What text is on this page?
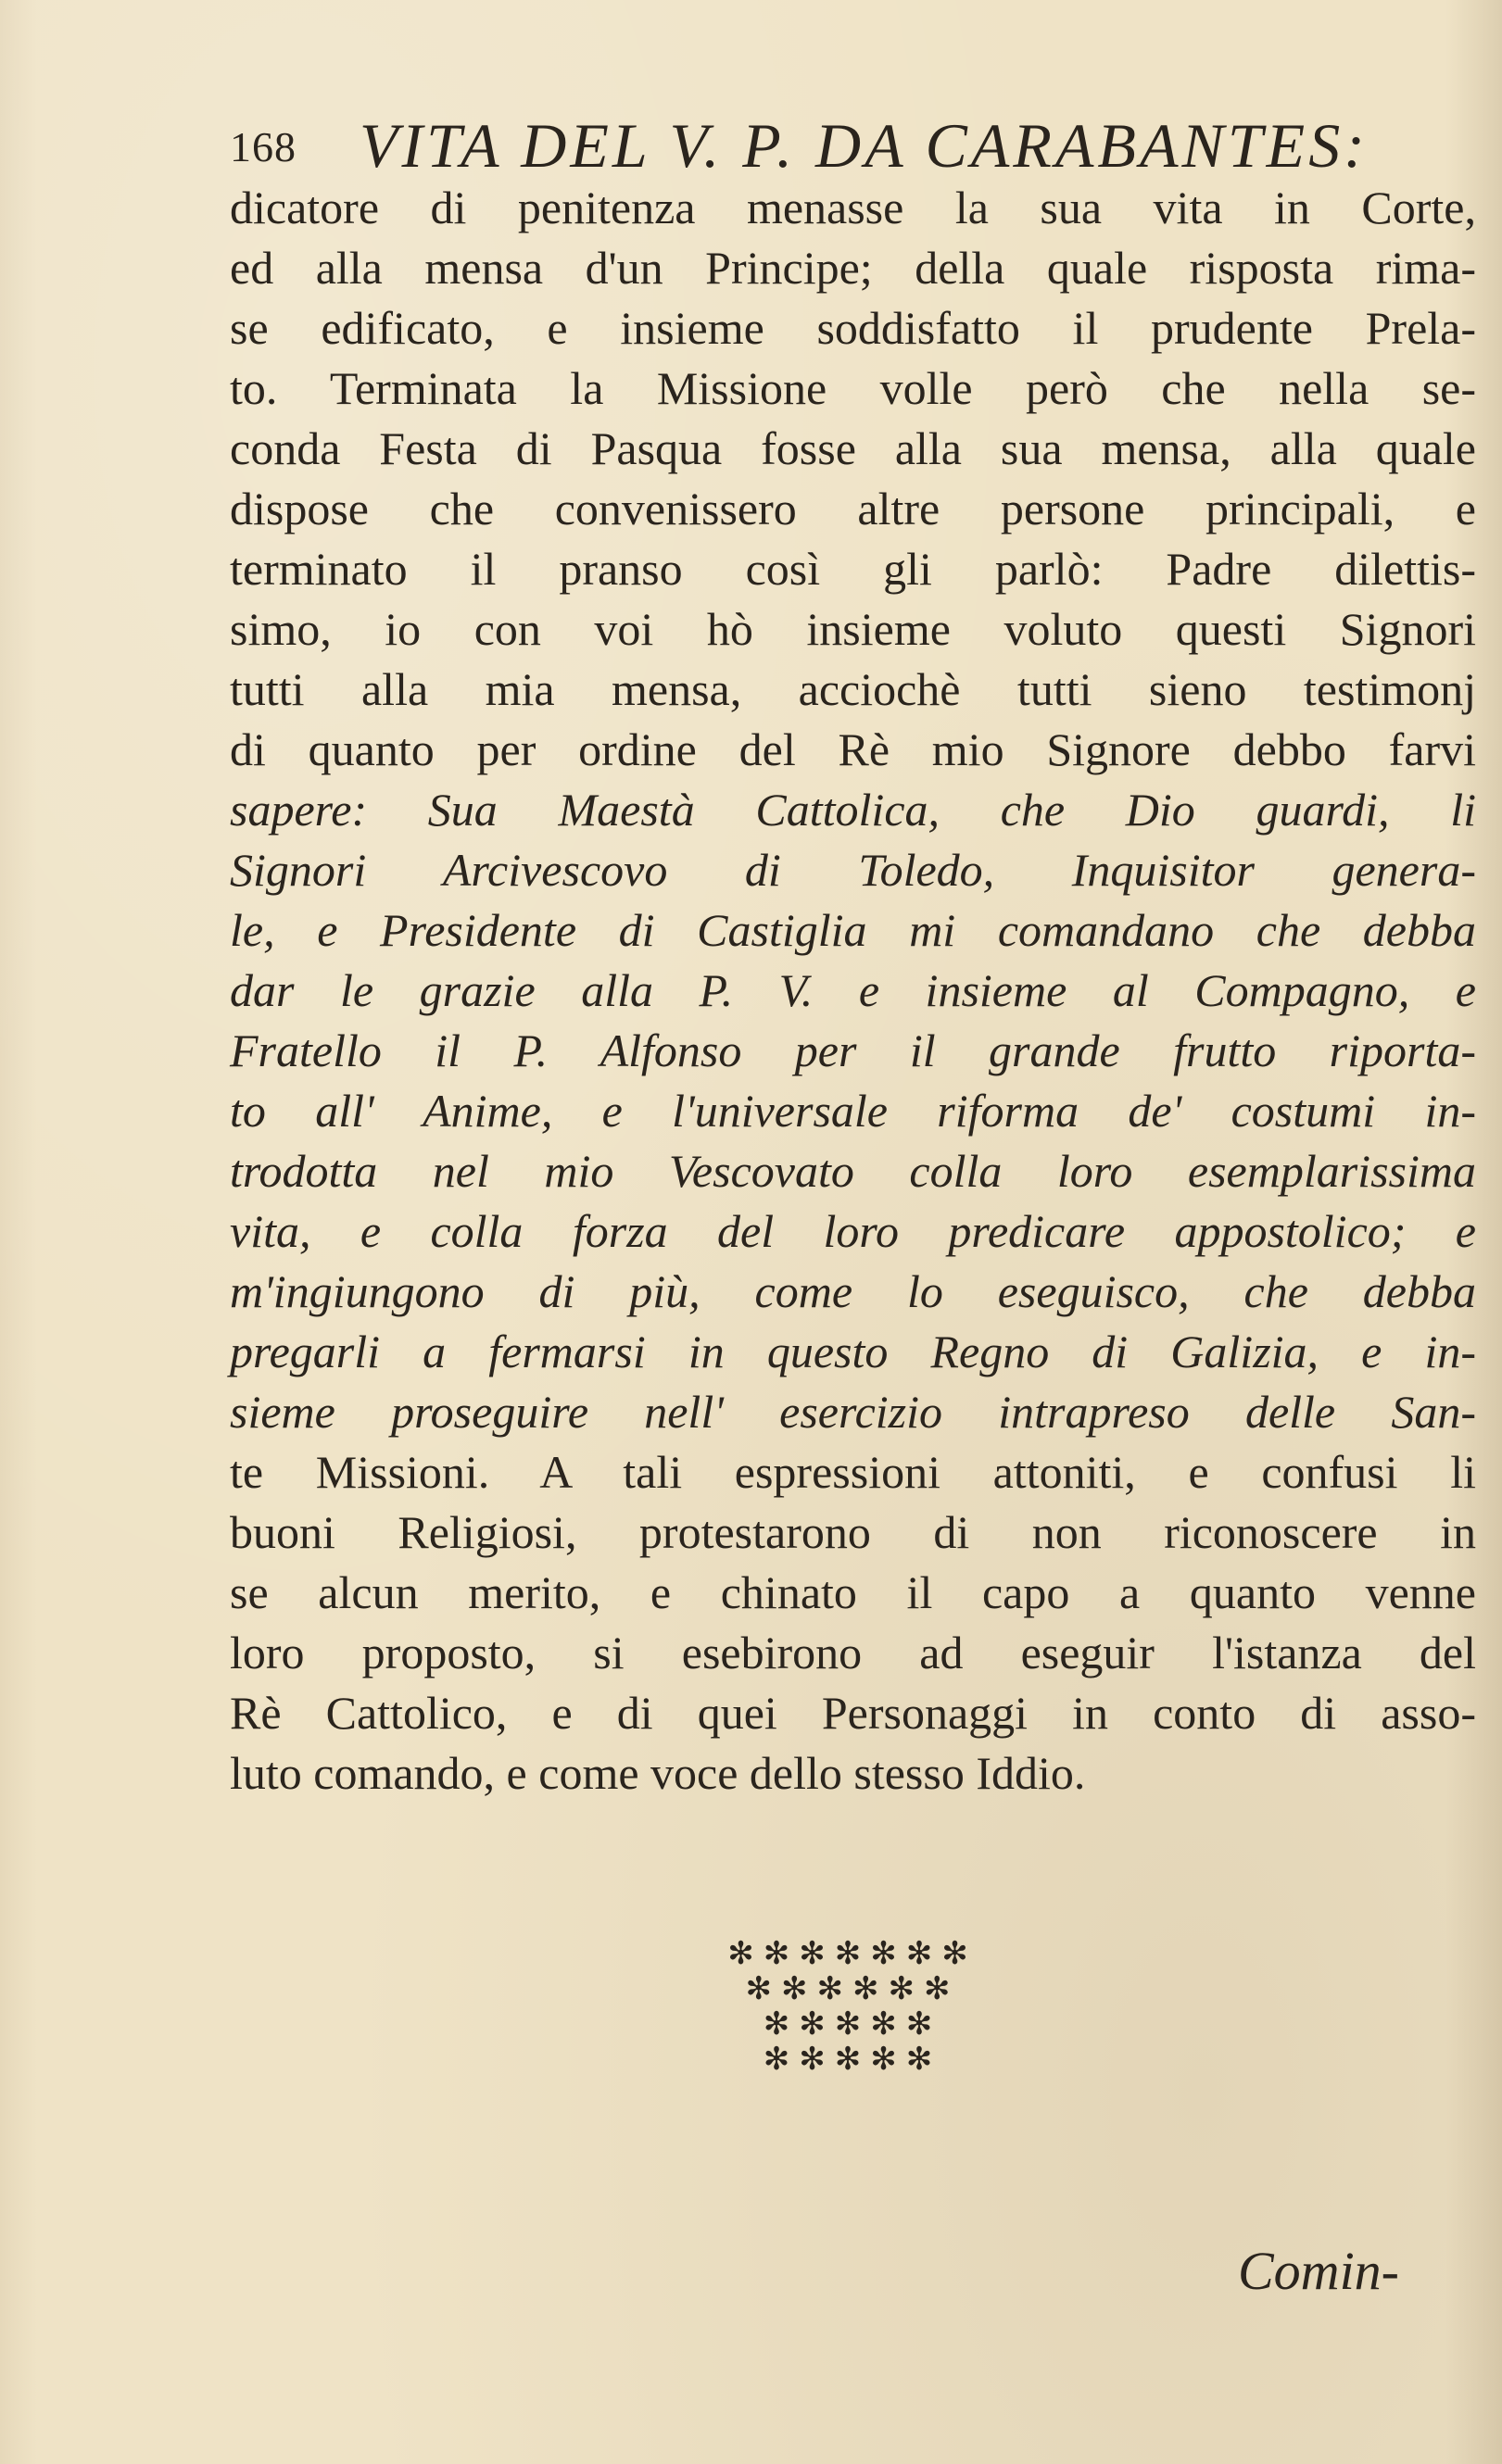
168 VITA DEL V. P. DA CARABANTES:
dicatore di penitenza menasse la sua vita in Corte,
ed alla mensa d'un Principe; della quale risposta rima-
se edificato, e insieme soddisfatto il prudente Prela-
to. Terminata la Missione volle però che nella se-
conda Festa di Pasqua fosse alla sua mensa, alla quale
dispose che convenissero altre persone principali, e
terminato il pranso così gli parlò: Padre dilettis-
simo, io con voi hò insieme voluto questi Signori
tutti alla mia mensa, acciochè tutti sieno testimonj
di quanto per ordine del Rè mio Signore debbo farvi
sapere: Sua Maestà Cattolica, che Dio guardi, li
Signori Arcivescovo di Toledo, Inquisitor genera-
le, e Presidente di Castiglia mi comandano che debba
dar le grazie alla P. V. e insieme al Compagno, e
Fratello il P. Alfonso per il grande frutto riporta-
to all' Anime, e l'universale riforma de' costumi in-
trodotta nel mio Vescovato colla loro esemplarissima
vita, e colla forza del loro predicare appostolico; e
m'ingiungono di più, come lo eseguisco, che debba
pregarli a fermarsi in questo Regno di Galizia, e in-
sieme proseguire nell' esercizio intrapreso delle San-
te Missioni. A tali espressioni attoniti, e confusi li
buoni Religiosi, protestarono di non riconoscere in
se alcun merito, e chinato il capo a quanto venne
loro proposto, si esebirono ad eseguir l'istanza del
Rè Cattolico, e di quei Personaggi in conto di asso-
luto comando, e come voce dello stesso Iddio.
✻✻✻✻✻✻✻
✻✻✻✻✻✻
✻✻✻✻✻
✻✻✻✻✻
Comin-
